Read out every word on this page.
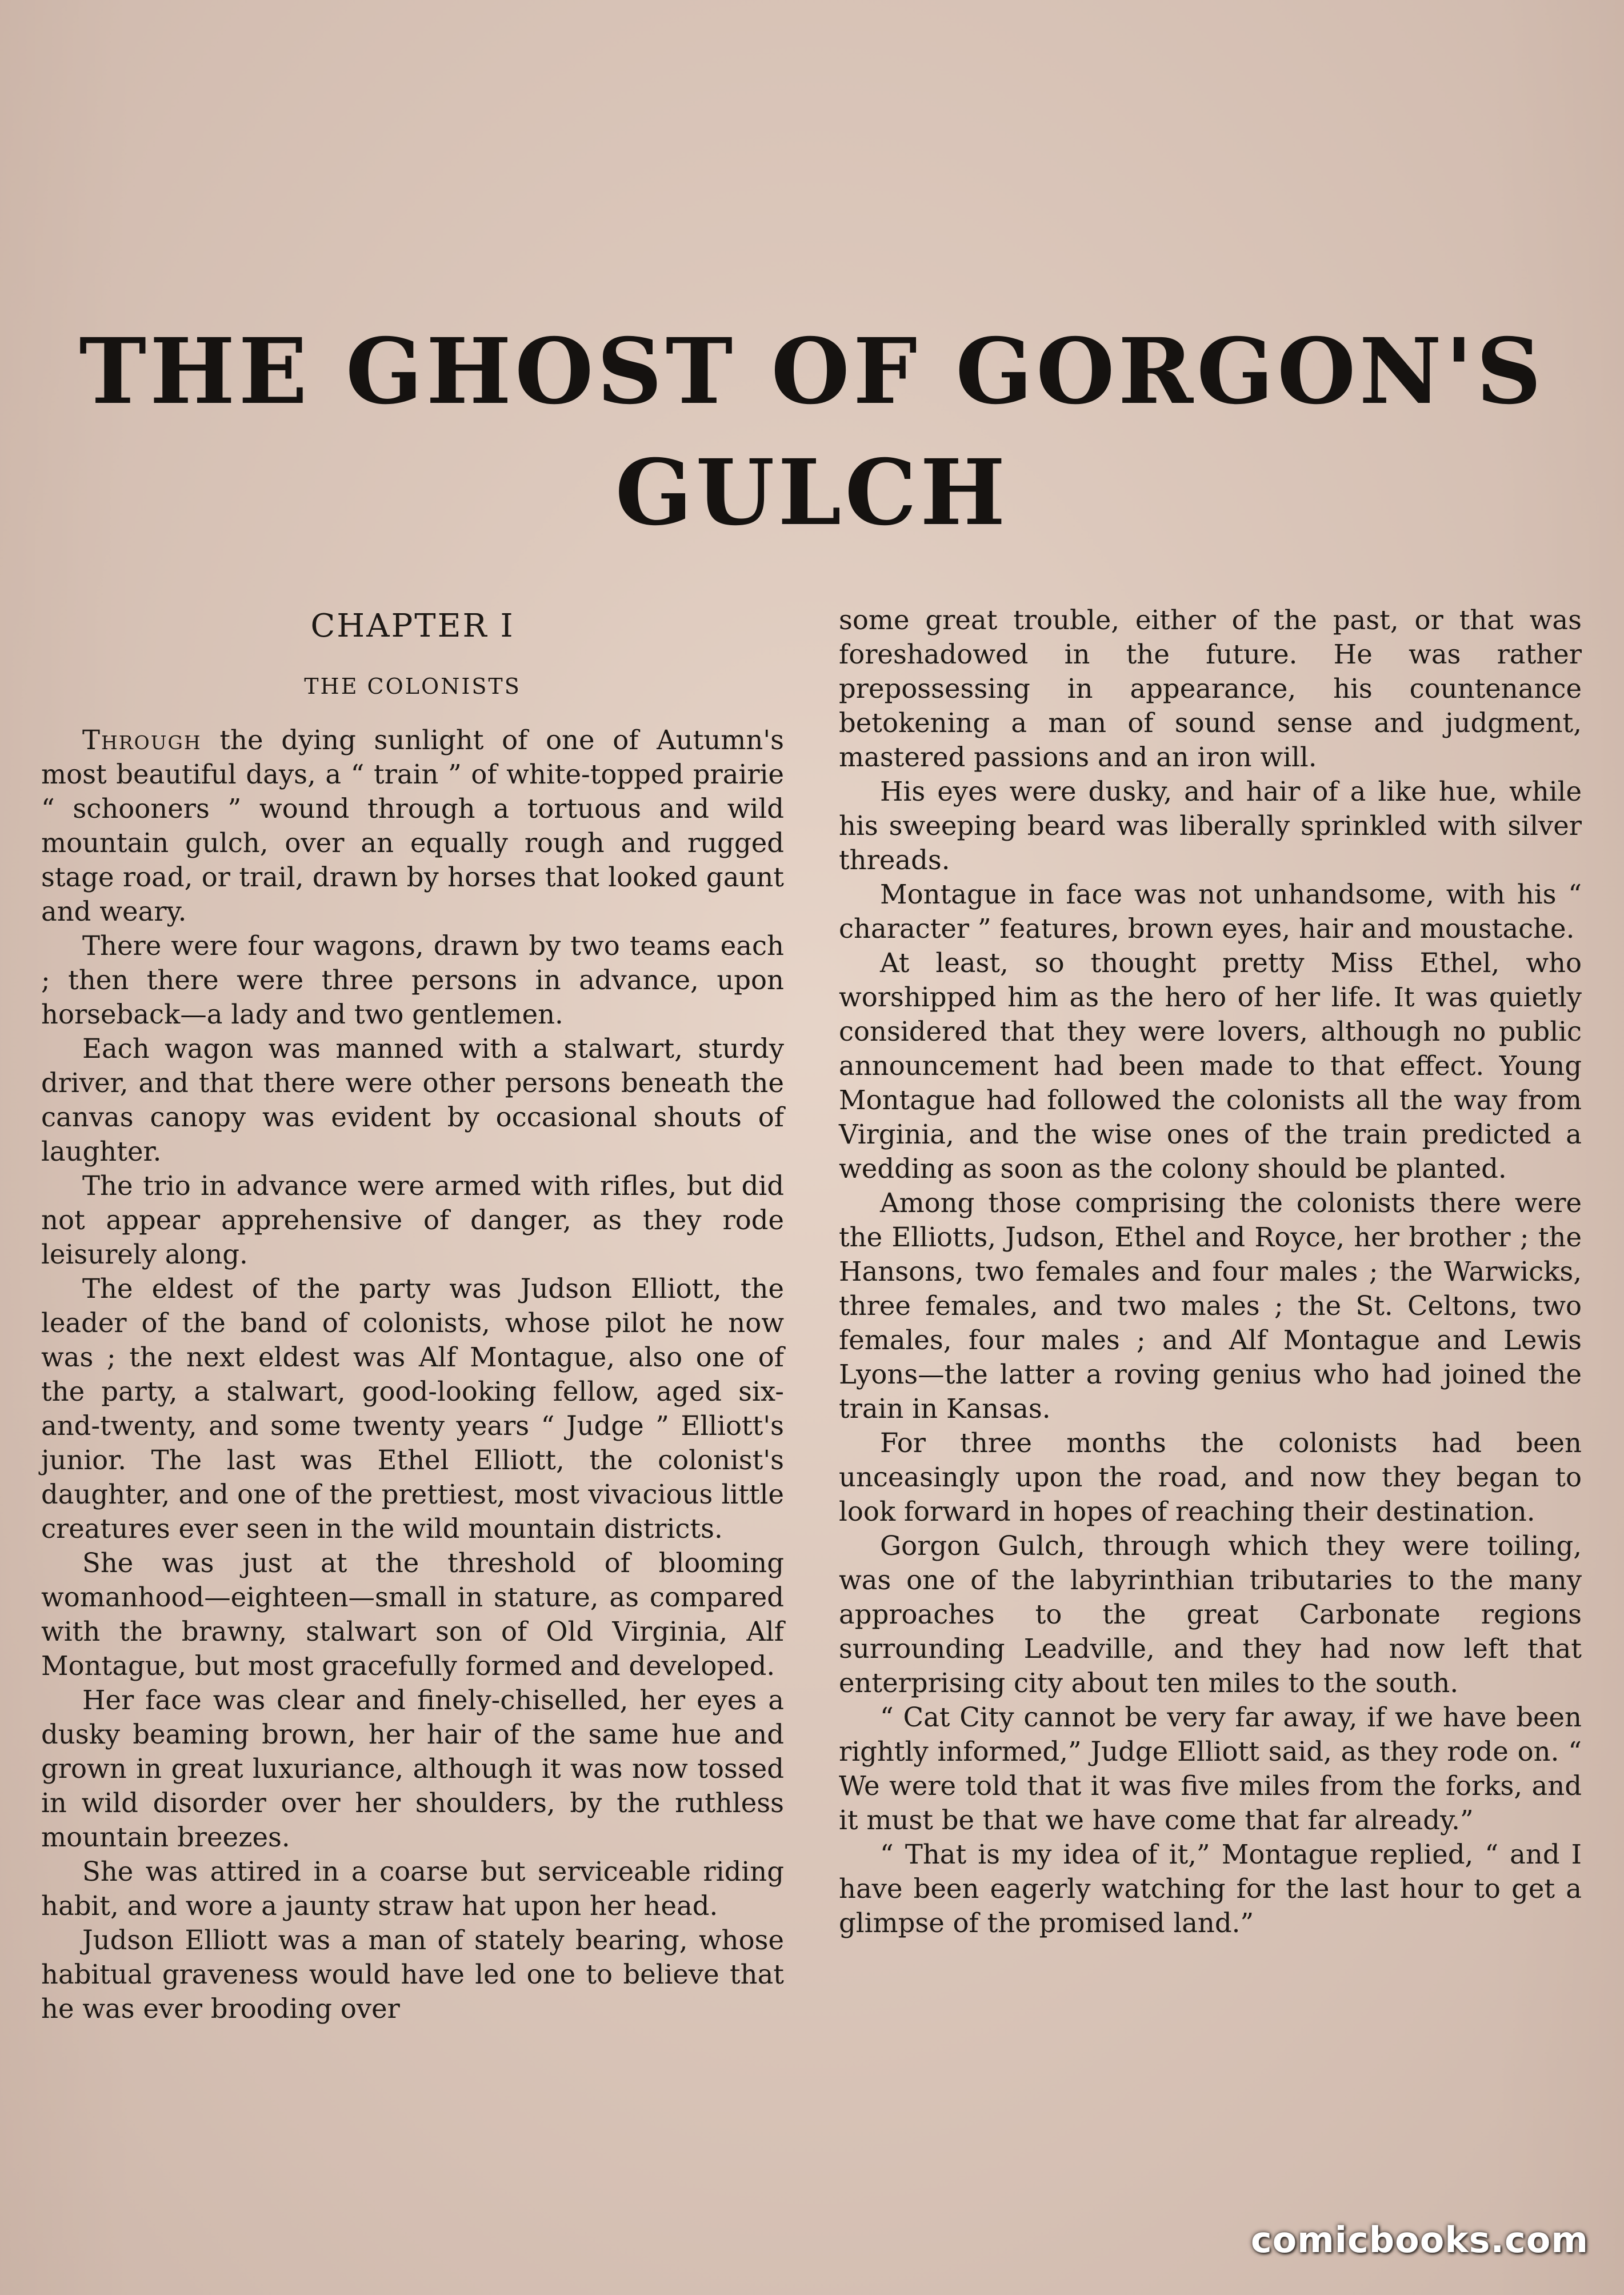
THE GHOST OF GORGON'S
GULCH
CHAPTER I
THE COLONISTS

Through the dying sunlight of one of Autumn's most beautiful days, a “ train ” of white-topped prairie “ schooners ” wound through a tortuous and wild mountain gulch, over an equally rough and rugged stage road, or trail, drawn by horses that looked gaunt and weary.

There were four wagons, drawn by two teams each ; then there were three persons in advance, upon horseback—a lady and two gentlemen.

Each wagon was manned with a stalwart, sturdy driver, and that there were other persons beneath the canvas canopy was evident by occasional shouts of laughter.

The trio in advance were armed with rifles, but did not appear apprehensive of danger, as they rode leisurely along.

The eldest of the party was Judson Elliott, the leader of the band of colonists, whose pilot he now was ; the next eldest was Alf Montague, also one of the party, a stalwart, good-looking fellow, aged six-and-twenty, and some twenty years “ Judge ” Elliott's junior. The last was Ethel Elliott, the colonist's daughter, and one of the prettiest, most vivacious little creatures ever seen in the wild mountain districts.

She was just at the threshold of blooming womanhood—eighteen—small in stature, as compared with the brawny, stalwart son of Old Virginia, Alf Montague, but most gracefully formed and developed.

Her face was clear and finely-chiselled, her eyes a dusky beaming brown, her hair of the same hue and grown in great luxuriance, although it was now tossed in wild disorder over her shoulders, by the ruthless mountain breezes.

She was attired in a coarse but serviceable riding habit, and wore a jaunty straw hat upon her head.

Judson Elliott was a man of stately bearing, whose habitual graveness would have led one to believe that he was ever brooding over

some great trouble, either of the past, or that was foreshadowed in the future. He was rather prepossessing in appearance, his countenance betokening a man of sound sense and judgment, mastered passions and an iron will.

His eyes were dusky, and hair of a like hue, while his sweeping beard was liberally sprinkled with silver threads.

Montague in face was not unhandsome, with his “ character ” features, brown eyes, hair and moustache.

At least, so thought pretty Miss Ethel, who worshipped him as the hero of her life. It was quietly considered that they were lovers, although no public announcement had been made to that effect. Young Montague had followed the colonists all the way from Virginia, and the wise ones of the train predicted a wedding as soon as the colony should be planted.

Among those comprising the colonists there were the Elliotts, Judson, Ethel and Royce, her brother ; the Hansons, two females and four males ; the Warwicks, three females, and two males ; the St. Celtons, two females, four males ; and Alf Montague and Lewis Lyons—the latter a roving genius who had joined the train in Kansas.

For three months the colonists had been unceasingly upon the road, and now they began to look forward in hopes of reaching their destination.

Gorgon Gulch, through which they were toiling, was one of the labyrinthian tributaries to the many approaches to the great Carbonate regions surrounding Leadville, and they had now left that enterprising city about ten miles to the south.

“ Cat City cannot be very far away, if we have been rightly informed,” Judge Elliott said, as they rode on. “ We were told that it was five miles from the forks, and it must be that we have come that far already.”

“ That is my idea of it,” Montague replied, “ and I have been eagerly watching for the last hour to get a glimpse of the promised land.”

comicbooks.com
